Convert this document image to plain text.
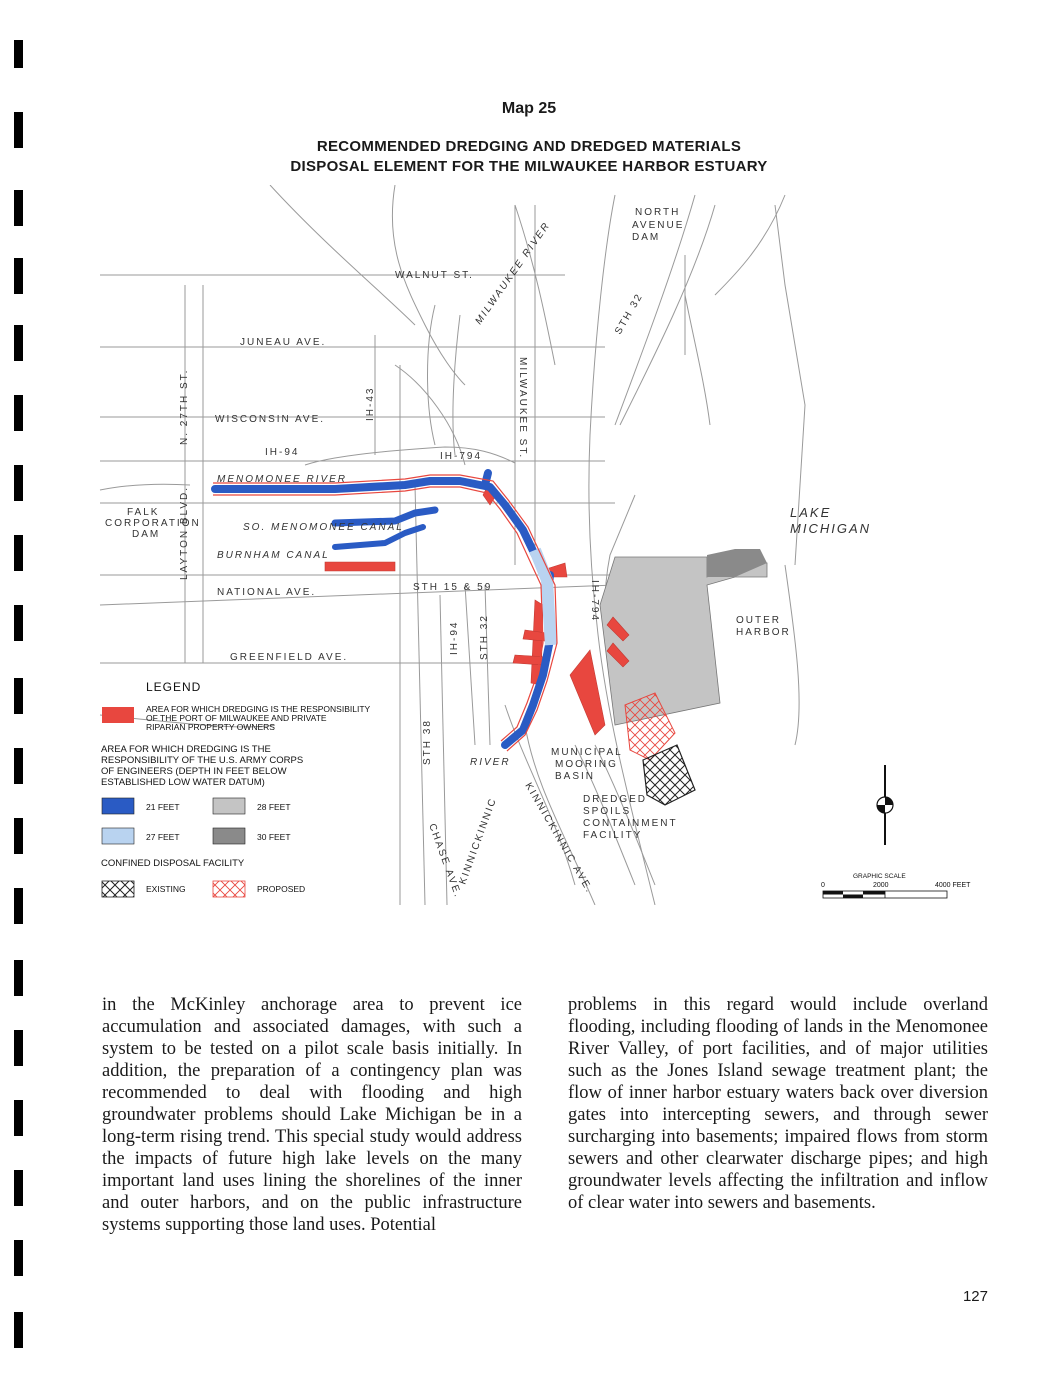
Map 25
RECOMMENDED DREDGING AND DREDGED MATERIALS
DISPOSAL ELEMENT FOR THE MILWAUKEE HARBOR ESTUARY
NORTH
AVENUE
DAM
WALNUT ST. MILWAUKEE RIVER	STH 32
JUNEAU AVE.
N. 27TH ST.	WISCONSIN AVE.	IH-43	MILWAUKEE ST.
IH-94	IH-794
MENOMONEE RIVER
FALK
CORPORATION
DAM
SO. MENOMONEE CANAL
BURNHAM CANAL
LAKE
MICHIGAN
LAYTON BLVD.
NATIONAL AVE.	STH 15 & 59	IH-794	OUTER
HARBOR
GREENFIELD AVE.
IH-94 STH 32
STH 38	RIVER
MUNICIPAL
MOORING
BASIN
KINNICKINNIC AVE.
DREDGED
SPOILS
CONTAINMENT
FACILITY
CHASE AVE.
KINNICKINNIC
LEGEND
AREA FOR WHICH DREDGING IS THE RESPONSIBILITY
OF THE PORT OF MILWAUKEE AND PRIVATE
RIPARIAN PROPERTY OWNERS
AREA FOR WHICH DREDGING IS THE
RESPONSIBILITY OF THE U.S. ARMY CORPS
OF ENGINEERS (DEPTH IN FEET BELOW
ESTABLISHED LOW WATER DATUM)
21 FEET	28 FEET
27 FEET	30 FEET
CONFINED DISPOSAL FACILITY
EXISTING	PROPOSED
GRAPHIC SCALE
0	2000	4000 FEET
in the McKinley anchorage area to prevent ice accumulation and associated damages, with such a system to be tested on a pilot scale basis initially. In addition, the preparation of a contingency plan was recommended to deal with flooding and high groundwater problems should Lake Michigan be in a long-term rising trend. This special study would address the impacts of future high lake levels on the many important land uses lining the shorelines of the inner and outer harbors, and on the public infrastructure systems supporting those land uses. Potential
problems in this regard would include overland flooding, including flooding of lands in the Menomonee River Valley, of port facilities, and of major utilities such as the Jones Island sewage treatment plant; the flow of inner harbor estuary waters back over diversion gates into intercepting sewers, and through sewer surcharging into basements; impaired flows from storm sewers and other clearwater discharge pipes; and high groundwater levels affecting the infiltration and inflow of clear water into sewers and basements.
127
